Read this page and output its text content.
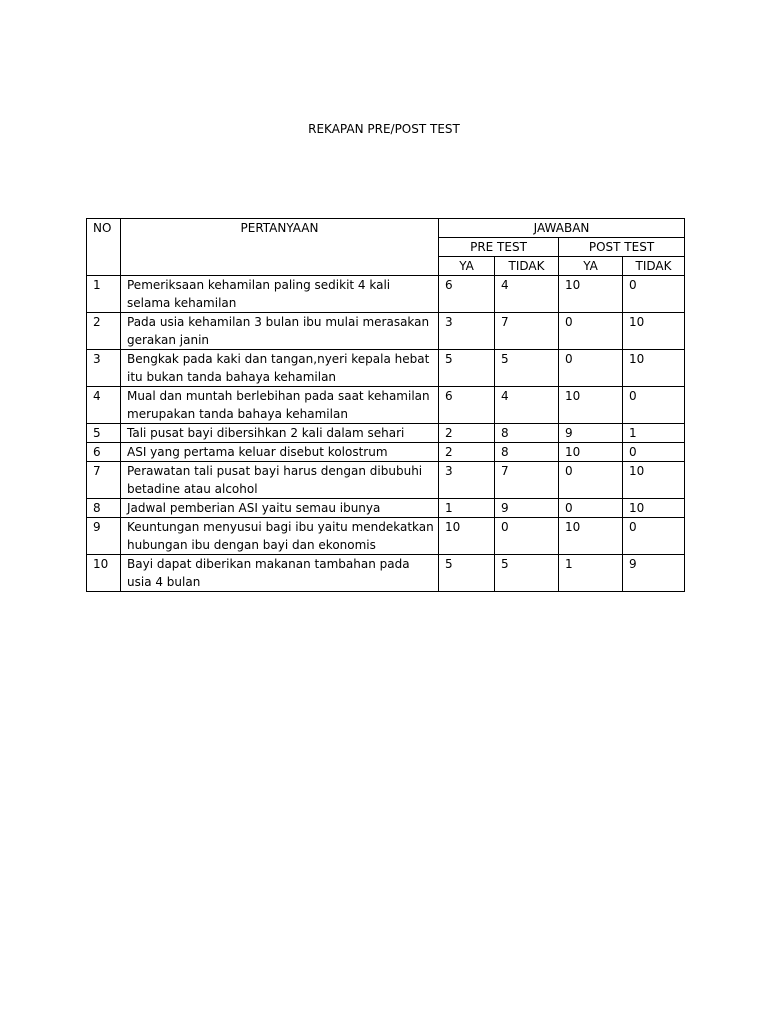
REKAPAN PRE/POST TEST
NO	PERTANYAAN	JAWABAN			
		PRE TEST		POST TEST	
		YA	TIDAK	YA	TIDAK
1	Pemeriksaan kehamilan paling sedikit 4 kali selama kehamilan	6	4	10	0
2	Pada usia kehamilan 3 bulan ibu mulai merasakan gerakan janin	3	7	0	10
3	Bengkak pada kaki dan tangan,nyeri kepala hebat itu bukan tanda bahaya kehamilan	5	5	0	10
4	Mual dan muntah berlebihan pada saat kehamilan merupakan tanda bahaya kehamilan	6	4	10	0
5	Tali pusat bayi dibersihkan 2 kali dalam sehari	2	8	9	1
6	ASI yang pertama keluar disebut kolostrum	2	8	10	0
7	Perawatan tali pusat bayi harus dengan dibubuhi betadine atau alcohol	3	7	0	10
8	Jadwal pemberian ASI yaitu semau ibunya	1	9	0	10
9	Keuntungan menyusui bagi ibu yaitu mendekatkan hubungan ibu dengan bayi dan ekonomis	10	0	10	0
10	Bayi dapat diberikan makanan tambahan pada usia 4 bulan	5	5	1	9
